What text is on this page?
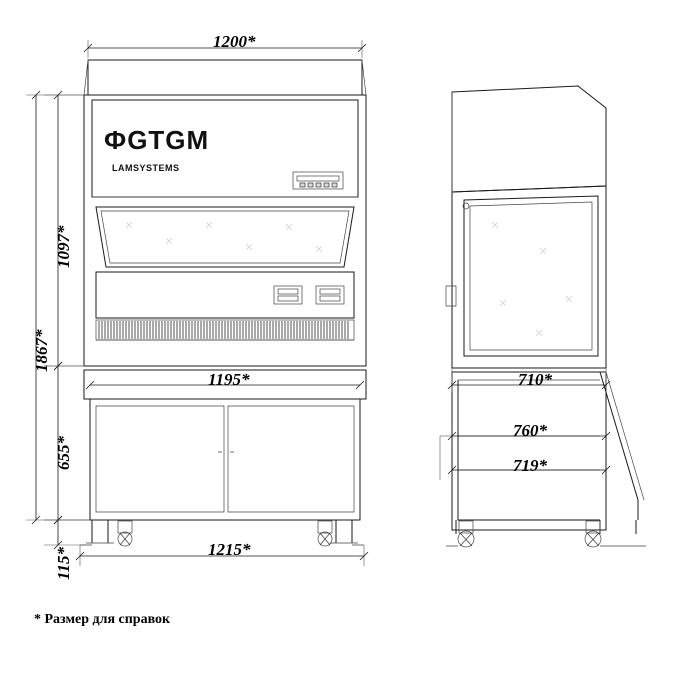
ФGTGM
LAMSYSTEMS
1200*
1097*
1867*
655*
115*
1195*
1215*
710*
760*
719*
* Размер для справок
